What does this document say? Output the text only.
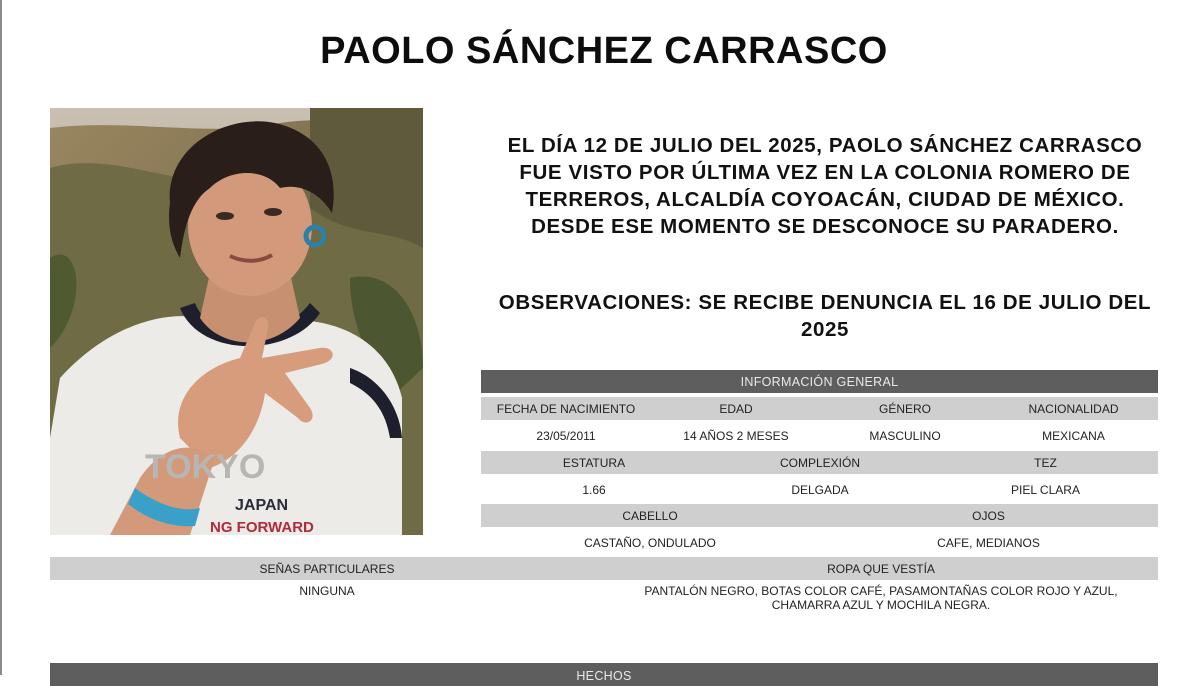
PAOLO SÁNCHEZ CARRASCO
TOKYO
JAPAN
NG FORWARD
EL DÍA 12 DE JULIO DEL 2025, PAOLO SÁNCHEZ CARRASCO FUE VISTO POR ÚLTIMA VEZ EN LA COLONIA ROMERO DE TERREROS, ALCALDÍA COYOACÁN, CIUDAD DE MÉXICO. DESDE ESE MOMENTO SE DESCONOCE SU PARADERO.
OBSERVACIONES: SE RECIBE DENUNCIA EL 16 DE JULIO DEL 2025
INFORMACIÓN GENERAL
FECHA DE NACIMIENTO	EDAD	GÉNERO	NACIONALIDAD
23/05/2011	14 AÑOS 2 MESES	MASCULINO	MEXICANA
ESTATURA	COMPLEXIÓN	TEZ
1.66	DELGADA	PIEL CLARA
CABELLO	OJOS
CASTAÑO, ONDULADO	CAFE, MEDIANOS
SEÑAS PARTICULARES	ROPA QUE VESTÍA
NINGUNA	PANTALÓN NEGRO, BOTAS COLOR CAFÉ, PASAMONTAÑAS COLOR ROJO Y AZUL,
CHAMARRA AZUL Y MOCHILA NEGRA.
HECHOS
